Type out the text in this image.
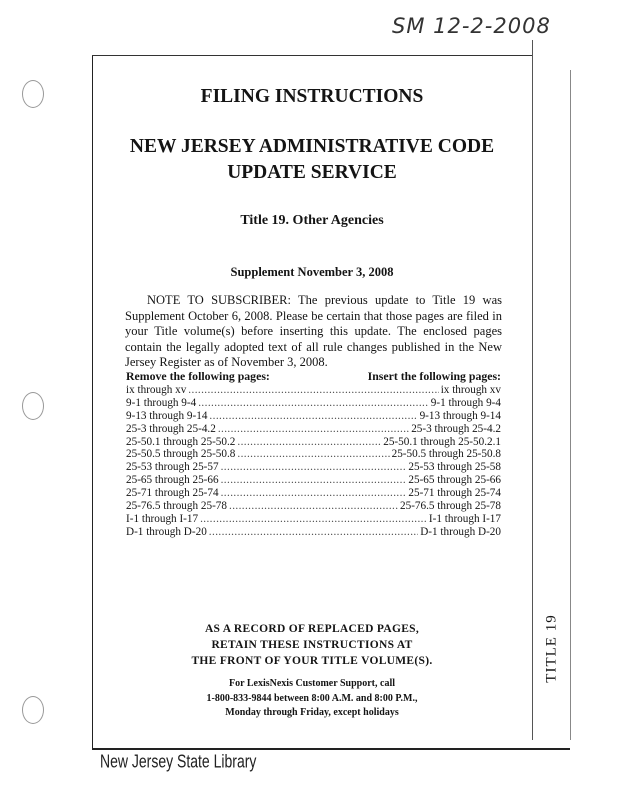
SM 12-2-2008
TITLE 19
FILING INSTRUCTIONS
NEW JERSEY ADMINISTRATIVE CODE
UPDATE SERVICE
Title 19. Other Agencies
Supplement November 3, 2008
NOTE TO SUBSCRIBER: The previous update to Title 19 was Supplement October 6, 2008. Please be certain that those pages are filed in your Title volume(s) before inserting this update. The enclosed pages contain the legally adopted text of all rule changes published in the New Jersey Register as of November 3, 2008.
Remove the following pages:	Insert the following pages:
ix through xv .....	ix through xv
9-1 through 9-4 .....	9-1 through 9-4
9-13 through 9-14 .....	9-13 through 9-14
25-3 through 25-4.2 .....	25-3 through 25-4.2
25-50.1 through 25-50.2 .....	25-50.1 through 25-50.2.1
25-50.5 through 25-50.8 .....	25-50.5 through 25-50.8
25-53 through 25-57 .....	25-53 through 25-58
25-65 through 25-66 .....	25-65 through 25-66
25-71 through 25-74 .....	25-71 through 25-74
25-76.5 through 25-78 .....	25-76.5 through 25-78
I-1 through I-17 .....	I-1 through I-17
D-1 through D-20 .....	D-1 through D-20
AS A RECORD OF REPLACED PAGES,
RETAIN THESE INSTRUCTIONS AT
THE FRONT OF YOUR TITLE VOLUME(S).
For LexisNexis Customer Support, call
1-800-833-9844 between 8:00 A.M. and 8:00 P.M.,
Monday through Friday, except holidays
New Jersey State Library
